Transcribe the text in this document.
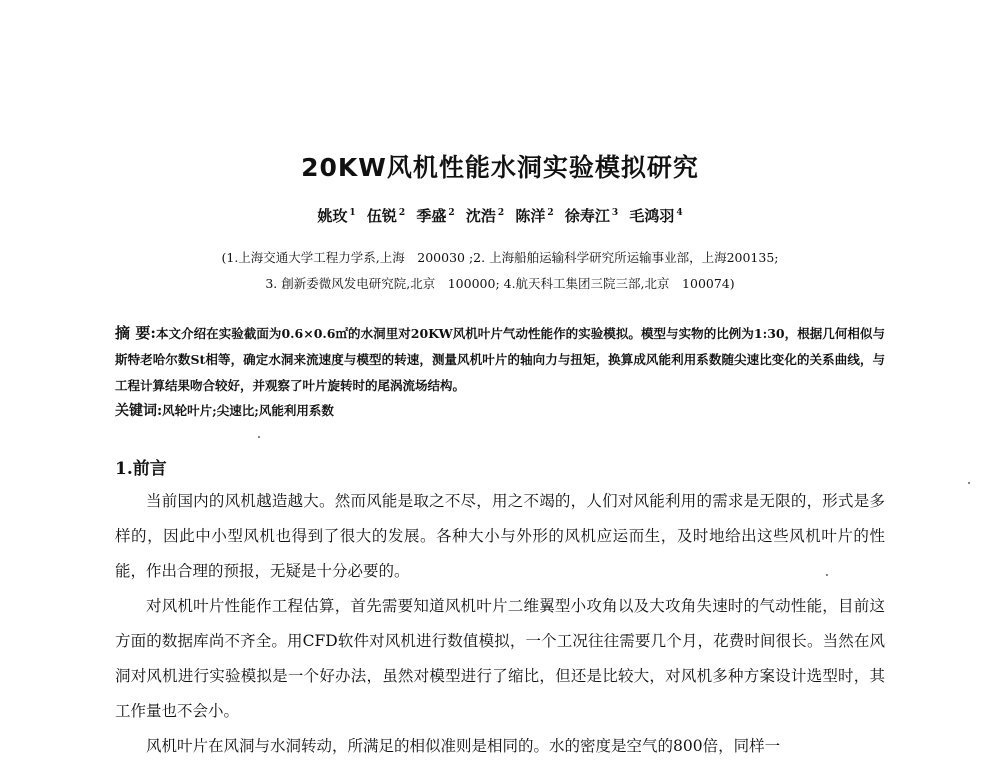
20KW风机性能水洞实验模拟研究
姚玫 $^1$ 伍锐 $^2$ 季盛 $^2$ 沈浩 $^2$ 陈洋 $^2$ 徐寿江 $^3$ 毛鸿羽 $^4$
(1.上海交通大学工程力学系,上海　200030 ;2. 上海船舶运输科学研究所运输事业部，上海200135;
3. 創新委微风发电研究院,北京　100000; 4.航天科工集团三院三部,北京　100074)
摘 要:本文介绍在实验截面为0.6×0.6㎡的水洞里对20KW风机叶片气动性能作的实验模拟。模型与实物的比例为1:30，根据几何相似与斯特老哈尔数St相等，确定水洞来流速度与模型的转速，测量风机叶片的轴向力与扭矩，换算成风能利用系数随尖速比变化的关系曲线，与工程计算结果吻合较好，并观察了叶片旋转时的尾涡流场结构。
关键词:风轮叶片;尖速比;风能利用系数
1.前言

当前国内的风机越造越大。然而风能是取之不尽，用之不竭的，人们对风能利用的需求是无限的，形式是多样的，因此中小型风机也得到了很大的发展。各种大小与外形的风机应运而生，及时地给出这些风机叶片的性能，作出合理的预报，无疑是十分必要的。

对风机叶片性能作工程估算，首先需要知道风机叶片二维翼型小攻角以及大攻角失速时的气动性能，目前这方面的数据库尚不齐全。用CFD软件对风机进行数值模拟，一个工况往往需要几个月，花费时间很长。当然在风洞对风机进行实验模拟是一个好办法，虽然对模型进行了缩比，但还是比较大，对风机多种方案设计选型时，其工作量也不会小。

风机叶片在风洞与水洞转动，所满足的相似准则是相同的。水的密度是空气的800倍，同样一
